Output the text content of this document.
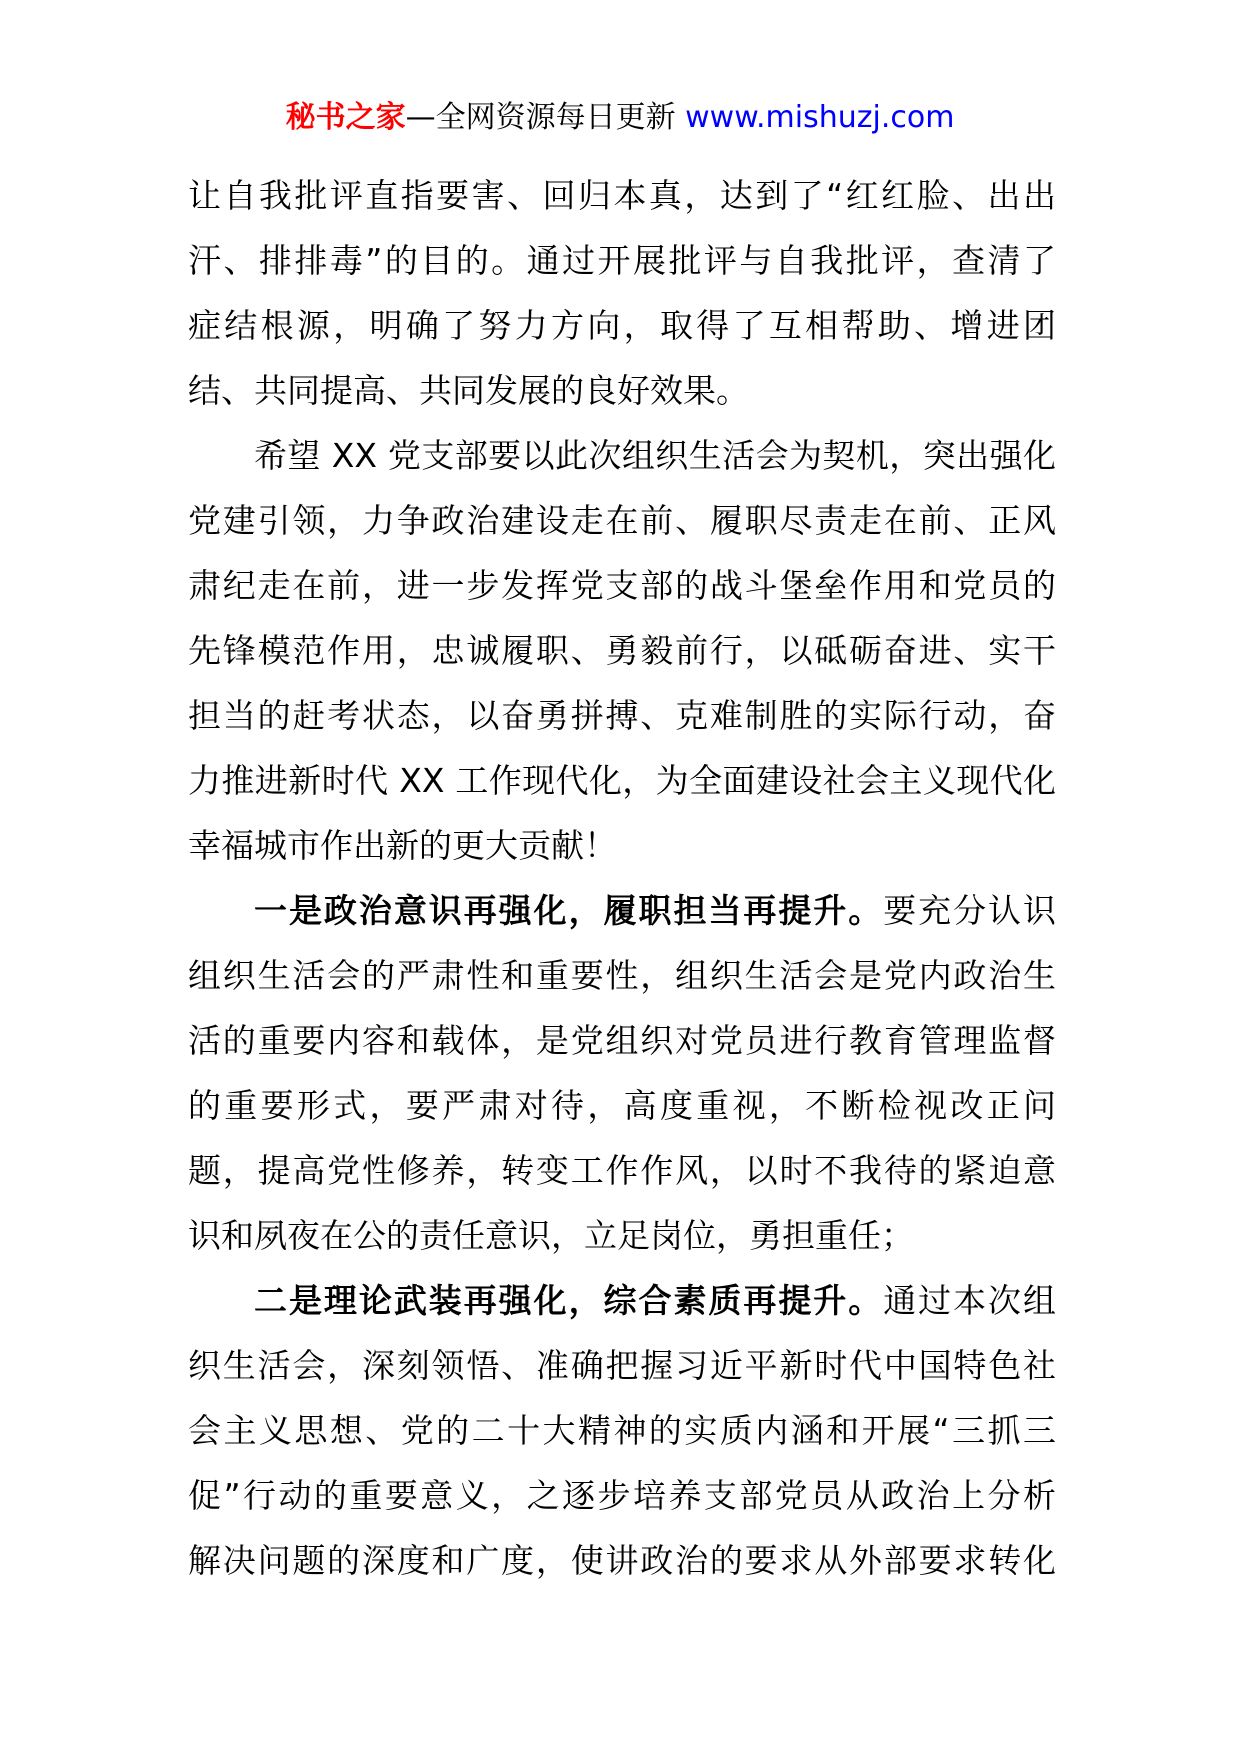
秘书之家—全网资源每日更新 www.mishuzj.com
让自我批评直指要害、回归本真，达到了“红红脸、出出
汗、排排毒”的目的。通过开展批评与自我批评，查清了
症结根源，明确了努力方向，取得了互相帮助、增进团
结、共同提高、共同发展的良好效果。
希望 XX 党支部要以此次组织生活会为契机，突出强化
党建引领，力争政治建设走在前、履职尽责走在前、正风
肃纪走在前，进一步发挥党支部的战斗堡垒作用和党员的
先锋模范作用，忠诚履职、勇毅前行，以砥砺奋进、实干
担当的赶考状态，以奋勇拼搏、克难制胜的实际行动，奋
力推进新时代 XX 工作现代化，为全面建设社会主义现代化
幸福城市作出新的更大贡献！
一是政治意识再强化，履职担当再提升。要充分认识
组织生活会的严肃性和重要性，组织生活会是党内政治生
活的重要内容和载体，是党组织对党员进行教育管理监督
的重要形式，要严肃对待，高度重视，不断检视改正问
题，提高党性修养，转变工作作风，以时不我待的紧迫意
识和夙夜在公的责任意识，立足岗位，勇担重任；
二是理论武装再强化，综合素质再提升。通过本次组
织生活会，深刻领悟、准确把握习近平新时代中国特色社
会主义思想、党的二十大精神的实质内涵和开展“三抓三
促”行动的重要意义，之逐步培养支部党员从政治上分析
解决问题的深度和广度，使讲政治的要求从外部要求转化
